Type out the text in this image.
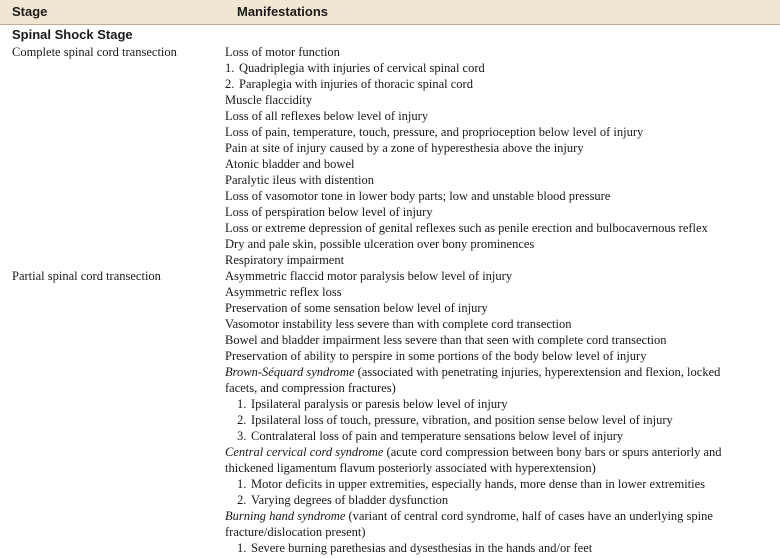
Stage	Manifestations
Spinal Shock Stage
Complete spinal cord transection	Loss of motor function
1. Quadriplegia with injuries of cervical spinal cord
2. Paraplegia with injuries of thoracic spinal cord
Muscle flaccidity
Loss of all reflexes below level of injury
Loss of pain, temperature, touch, pressure, and proprioception below level of injury
Pain at site of injury caused by a zone of hyperesthesia above the injury
Atonic bladder and bowel
Paralytic ileus with distention
Loss of vasomotor tone in lower body parts; low and unstable blood pressure
Loss of perspiration below level of injury
Loss or extreme depression of genital reflexes such as penile erection and bulbocavernous reflex
Dry and pale skin, possible ulceration over bony prominences
Respiratory impairment
Partial spinal cord transection	Asymmetric flaccid motor paralysis below level of injury
Asymmetric reflex loss
Preservation of some sensation below level of injury
Vasomotor instability less severe than with complete cord transection
Bowel and bladder impairment less severe than that seen with complete cord transection
Preservation of ability to perspire in some portions of the body below level of injury
Brown-Séquard syndrome (associated with penetrating injuries, hyperextension and flexion, locked
facets, and compression fractures)
1. Ipsilateral paralysis or paresis below level of injury
2. Ipsilateral loss of touch, pressure, vibration, and position sense below level of injury
3. Contralateral loss of pain and temperature sensations below level of injury
Central cervical cord syndrome (acute cord compression between bony bars or spurs anteriorly and
thickened ligamentum flavum posteriorly associated with hyperextension)
1. Motor deficits in upper extremities, especially hands, more dense than in lower extremities
2. Varying degrees of bladder dysfunction
Burning hand syndrome (variant of central cord syndrome, half of cases have an underlying spine
fracture/dislocation present)
1. Severe burning parethesias and dysesthesias in the hands and/or feet
